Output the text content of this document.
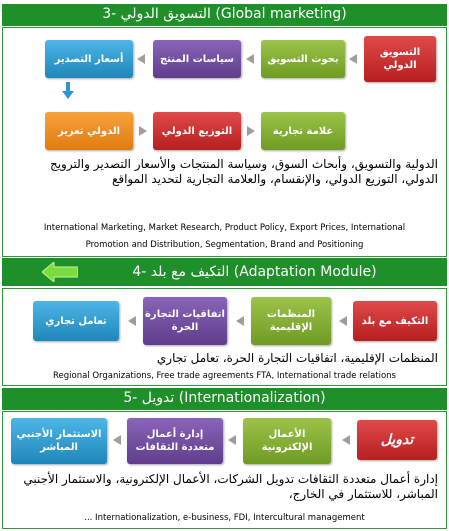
3- التسويق الدولي (Global marketing)
التسويق الدولي
بحوث التسويق
سياسات المنتج
أسعار التصدير
الدولي تعزيز	التوزيع الدولي	علامة تجارية
الدولية والتسويق، وأبحاث السوق، وسياسة المنتجات والأسعار التصدير والترويج الدولي، التوزيع الدولي، والإنقسام، والعلامة التجارية لتحديد المواقع
International Marketing, Market Research, Product Policy, Export Prices, International
Promotion and Distribution, Segmentation, Brand and Positioning
4- التكيف مع بلد (Adaptation Module)
التكيف مع بلد
المنظمات الإقليمية
اتفاقيات التجارة الحرة
تعامل تجاري
المنظمات الإقليمية، اتفاقيات التجارة الحرة، تعامل تجاري
Regional Organizations, Free trade agreements FTA, International trade relations
5- تدويل (Internationalization)
تدويل
الأعمال الإلكترونية
إدارة أعمال متعددة الثقافات
الاستثمار الأجنبي المباشر
إدارة أعمال متعددة الثقافات تدويل الشركات، الأعمال الإلكترونية، والاستثمار الأجنبي المباشر، للاستثمار في الخارج،
... Internationalization, e-business, FDI, Intercultural management
